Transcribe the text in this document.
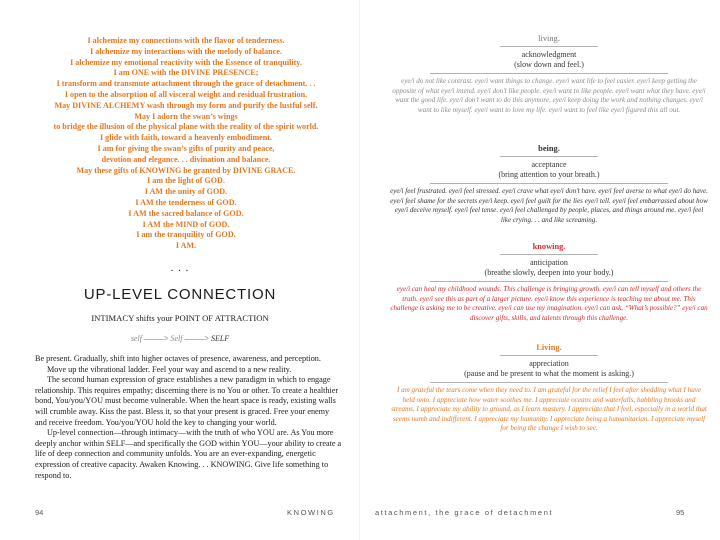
I alchemize my connections with the flavor of tenderness.
I alchemize my interactions with the melody of balance.
I alchemize my emotional reactivity with the Essence of tranquility.
I am ONE with the DIVINE PRESENCE;
I transform and transmute attachment through the grace of detachment. . .
I open to the absorption of all visceral weight and residual frustration.
May DIVINE ALCHEMY wash through my form and purify the lustful self.
May I adorn the swan’s wings
to bridge the illusion of the physical plane with the reality of the spirit world.
I glide with faith, toward a heavenly embodiment.
I am for giving the swan’s gifts of purity and peace,
devotion and elegance. . . divination and balance.
May these gifts of KNOWING be granted by DIVINE GRACE.
I am the light of GOD.
I AM the unity of GOD.
I AM the tenderness of GOD.
I AM the sacred balance of GOD.
I AM the MIND of GOD.
I am the tranquility of GOD.
I AM.
. . .
UP-LEVEL CONNECTION
INTIMACY shifts your POINT OF ATTRACTION
self ——–> Self ——–> SELF

Be present. Gradually, shift into higher octaves of presence, awareness, and perception.

Move up the vibrational ladder. Feel your way and ascend to a new reality.

The second human expression of grace establishes a new paradigm in which to engage relationship. This requires empathy; discerning there is no You or other. To create a healthier bond, You/you/YOU must become vulnerable. When the heart space is ready, existing walls will crumble away. Kiss the past. Bless it, so that your present is graced. Free your enemy and receive freedom. You/you/YOU hold the key to changing your world.

Up-level connection—through intimacy—with the truth of who YOU are. As You more deeply anchor within SELF—and specifically the GOD within YOU—your ability to create a life of deep connection and community unfolds. You are an ever-expanding, energetic expression of creative capacity. Awaken Knowing. . . KNOWING. Give life something to respond to.

94	KNOWING
living.
——————————————
acknowledgment
(slow down and feel.)
——————————————————————————————————
eye/i do not like contrast. eye/i want things to change. eye/i want life to feel easier. eye/i keep getting the opposite of what eye/i intend. eye/i don’t like people. eye/i want to like people. eye/i want what they have. eye/i want the good life. eye/i don’t want to do this anymore. eye/i keep doing the work and nothing changes. eye/i want to like myself. eye/i want to love my life. eye/i want to feel like eye/i figured this all out.
being.
——————————————
acceptance
(bring attention to your breath.)
——————————————————————————————————
eye/i feel frustrated. eye/i feel stressed. eye/i crave what eye/i don’t have. eye/i feel averse to what eye/i do have. eye/i feel shame for the secrets eye/i keep. eye/i feel guilt for the lies eye/i tell. eye/i feel embarrassed about how eye/i deceive myself. eye/i feel tense. eye/i feel challenged by people, places, and things around me. eye/i feel like crying. . . and like screaming.
knowing.
——————————————
anticipation
(breathe slowly, deepen into your body.)
——————————————————————————————————
eye/i can heal my childhood wounds. This challenge is bringing growth. eye/i can tell myself and others the truth. eye/i see this as part of a larger picture. eye/i know this experience is teaching me about me. This challenge is asking me to be creative. eye/i can use my imagination. eye/i can ask, “What’s possible?” eye/i can discover gifts, skills, and talents through this challenge.
Living.
——————————————
appreciation
(pause and be present to what the moment is asking.)
——————————————————————————————————
I am grateful the tears come when they need to. I am grateful for the relief I feel after shedding what I have held onto. I appreciate how water soothes me. I appreciate oceans and waterfalls, babbling brooks and streams. I appreciate my ability to ground, as I learn mastery. I appreciate that I feel, especially in a world that seems numb and indifferent. I appreciate my humanity. I appreciate being a humanitarian. I appreciate myself for being the change I wish to see.
attachment, the grace of detachment	95
